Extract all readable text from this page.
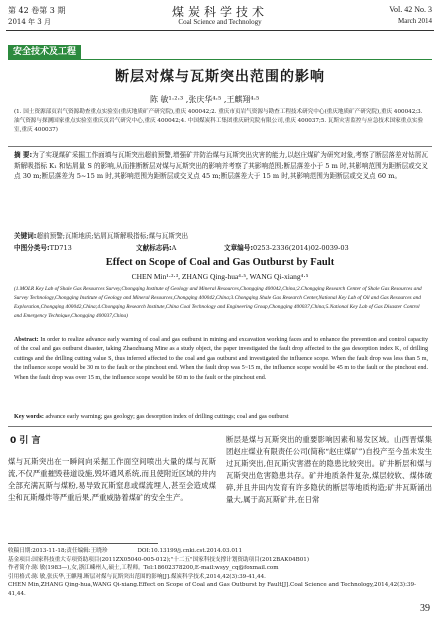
第 42 卷第 3 期
2014 年 3 月
煤炭科学技术
Coal Science and Technology
Vol. 42 No. 3
March 2014
安全技术及工程
断层对煤与瓦斯突出范围的影响
陈 敏¹·²·³ ,张庆华⁴·⁵ ,王麒翔⁴·⁵
(1. 国土资源部页岩气资源勘查重点实验室(重庆地质矿产研究院),重庆 400042;2. 重庆市页岩气资源与勘查工程技术研究中心(重庆地质矿产研究院),重庆 400042;3. 油气资源与探测国家重点实验室重庆页岩气研究中心,重庆 400042;4. 中国煤炭科工集团重庆研究院有限公司,重庆 400037;5. 瓦斯灾害监控与应急技术国家重点实验室,重庆 400037)
摘 要:为了实现煤矿采掘工作面填与瓦斯突出超前预警,增强矿井防治煤与瓦斯突出灾害的能力,以赵庄煤矿为研究对象,考察了断层落差对钻屑瓦斯解吸指标 K₁ 和钻屑量 S 的影响,从而推断断层对煤与瓦斯突出的影响并考察了其影响范围;断层落差小于 5 m 时,其影响范围为距断层或交叉点 30 m;断层落差为 5~15 m 时,其影响范围为距断层或交叉点 45 m;断层落差大于 15 m 时,其影响范围为距断层或交叉点 60 m。
关键词:超前预警;瓦斯地质;钻屑瓦斯解吸指标;煤与瓦斯突出
中图分类号:TD713	文献标志码:A	文章编号:0253-2336(2014)02-0039-03
Effect on Scope of Coal and Gas Outburst by Fault
CHEN Min¹·²·³, ZHANG Qing-hua⁴·⁵, WANG Qi-xiang⁴·⁵
(1.MOLR Key Lab of Shale Gas Resources Survey,Chongqing Institute of Geology and Mineral Resources,Chongqing 400042,China;2.Chongqing Research Center of Shale Gas Resources and Survey Technology,Chongqing Institute of Geology and Mineral Resources,Chongqing 400042,China;3.Chongqing Shale Gas Research Center,National Key Lab of Oil and Gas Resources and Exploration,Chongqing 400042,China;4.Chongqing Research Institute,China Coal Technology and Engineering Group,Chongqing 400037,China;5.National Key Lab of Gas Disaster Control and Emergency Technique,Chongqing 400037,China)
Abstract: In order to realize advance early warning of coal and gas outburst in mining and excavation working faces and to enhance the prevention and control capacity of the coal and gas outburst disaster, taking Zhaozhuang Mine as a study object, the paper investigated the fault drop affected to the gas desorption index K₁ of drilling cuttings and the drilling cutting value S, thus inferred affected to the coal and gas outburst and investigated the influence scope. When the fault drop was less than 5 m, the influence scope would be 30 m to the fault or the pinchout end. When the fault drop was 5~15 m, the influence scope would be 45 m to the fault or the pinchout end. When the fault drop was over 15 m, the influence scope would be 60 m to the fault or the pinchout end.
Key words: advance early warning; gas geology; gas desorption index of drilling cuttings; coal and gas outburst
0 引 言
煤与瓦斯突出在一瞬间向采掘工作面空间喷出大量的煤与瓦斯流,不仅严重摧毁巷道设施,毁坏通风系统,而且使附近区域的井内全部充满瓦斯与煤粉,易导致瓦斯窒息或煤流埋人,甚至会造成煤尘和瓦斯爆炸等严重后果,严重威胁着煤矿的安全生产。
断层是煤与瓦斯突出的重要影响因素和易发区域。山西晋煤集团赵庄煤业有限责任公司(简称“赵庄煤矿”)自投产至今虽未发生过瓦斯突出,但瓦斯灾害潜在的隐患比较突出。矿井断层和煤与瓦斯突出危害隐患共存。矿井地质条件复杂,煤层较软、煤体破碎,并且井田内发育有许多隐伏的断层等地质构造;矿井瓦斯涌出量大,属于高瓦斯矿井,在日常
收稿日期:2013-11-18;责任编辑:王晓珍	DOI:10.13199/j.cnki.cst.2014.03.011
基金项目:国家科技重大专项资助项目(2011ZX05040-005-012);"十二五"国家科技支撑计划资助项目(2012BAK04B01)
作者简介:陈 敏(1983—),女,浙江嵊州人,硕士,工程师。Tel:18602378200,E-mail:wsyy_cq@foxmail.com
引用格式:陈 敏,张庆华,王麒翔.断层对煤与瓦斯突出范围的影响[J].煤炭科学技术,2014,42(3):39-41,44.
CHEN Min,ZHANG Qing-hua,WANG Qi-xiang.Effect on Scope of Coal and Gas Outburst by Fault[J].Coal Science and Technology,2014,42(3):39-41,44.
39
